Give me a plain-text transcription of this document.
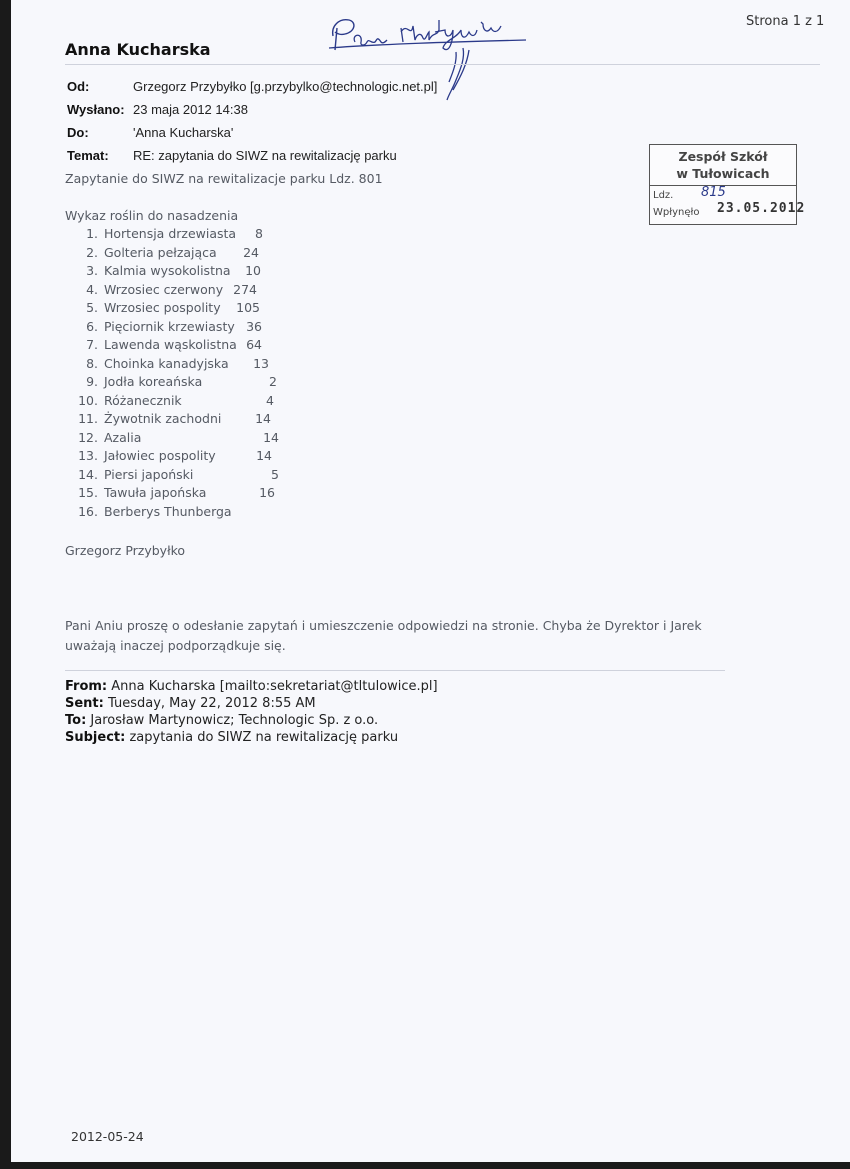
Strona 1 z 1
Anna Kucharska
Od:	Grzegorz Przybyłko [g.przybylko@technologic.net.pl]
Wysłano: 23 maja 2012 14:38
Do:	'Anna Kucharska'
Temat: RE: zapytania do SIWZ na rewitalizację parku	Zespół Szkół
w Tułowicach
Ldz. 815
Wpłynęło 23.05.2012
Zapytanie do SIWZ na rewitalizacje parku Ldz. 801
Wykaz roślin do nasadzenia
1. Hortensja drzewiasta	8
2. Golteria pełzająca	24
3. Kalmia wysokolistna	10
4. Wrzosiec czerwony 274
5. Wrzosiec pospolity	105
6. Pięciornik krzewiasty 36
7. Lawenda wąskolistna 64
8. Choinka kanadyjska	13
9. Jodła koreańska	2
10. Różanecznik	4
11. Żywotnik zachodni	14
12. Azalia	14
13. Jałowiec pospolity	14
14. Piersi japoński	5
15. Tawuła japońska	16
16. Berberys Thunberga
Grzegorz Przybyłko
Pani Aniu proszę o odesłanie zapytań i umieszczenie odpowiedzi na stronie. Chyba że Dyrektor i Jarek
uważają inaczej podporządkuje się.
From: Anna Kucharska [mailto:sekretariat@tltulowice.pl]
Sent: Tuesday, May 22, 2012 8:55 AM
To: Jarosław Martynowicz; Technologic Sp. z o.o.
Subject: zapytania do SIWZ na rewitalizację parku
2012-05-24
